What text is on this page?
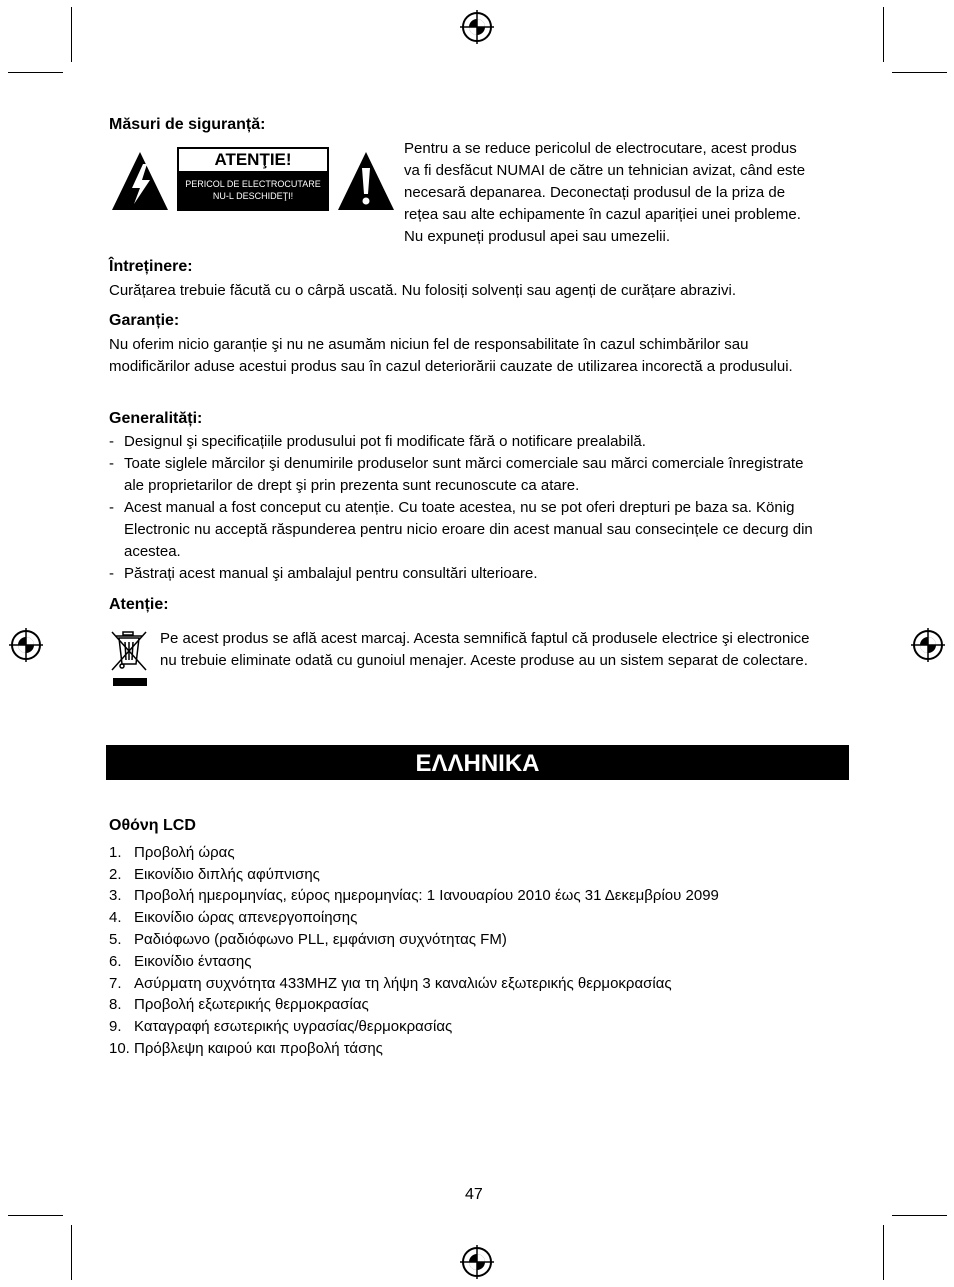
Măsuri de siguranță:
ATENŢIE!
PERICOL DE ELECTROCUTARE
NU-L DESCHIDEŢI!
Pentru a se reduce pericolul de electrocutare, acest produs
va fi desfăcut NUMAI de către un tehnician avizat, când este
necesară depanarea. Deconectați produsul de la priza de
rețea sau alte echipamente în cazul apariției unei probleme.
Nu expuneți produsul apei sau umezelii.
Întreținere:
Curățarea trebuie făcută cu o cârpă uscată. Nu folosiți solvenți sau agenți de curățare abrazivi.
Garanție:
Nu oferim nicio garanție şi nu ne asumăm niciun fel de responsabilitate în cazul schimbărilor sau modificărilor aduse acestui produs sau în cazul deteriorării cauzate de utilizarea incorectă a produsului.
Generalități:
- Designul şi specificațiile produsului pot fi modificate fără o notificare prealabilă.
- Toate siglele mărcilor şi denumirile produselor sunt mărci comerciale sau mărci comerciale înregistrate ale proprietarilor de drept şi prin prezenta sunt recunoscute ca atare.
- Acest manual a fost conceput cu atenție. Cu toate acestea, nu se pot oferi drepturi pe baza sa. König Electronic nu acceptă răspunderea pentru nicio eroare din acest manual sau consecințele ce decurg din acestea.
- Păstrați acest manual şi ambalajul pentru consultări ulterioare.
Atenție:
Pe acest produs se află acest marcaj. Acesta semnifică faptul că produsele electrice şi electronice nu trebuie eliminate odată cu gunoiul menajer. Aceste produse au un sistem separat de colectare.
ΕΛΛΗΝΙΚΑ
Οθόνη LCD
1. Προβολή ώρας
2. Εικονίδιο διπλής αφύπνισης
3. Προβολή ημερομηνίας, εύρος ημερομηνίας: 1 Ιανουαρίου 2010 έως 31 Δεκεμβρίου 2099
4. Εικονίδιο ώρας απενεργοποίησης
5. Ραδιόφωνο (ραδιόφωνο PLL, εμφάνιση συχνότητας FM)
6. Εικονίδιο έντασης
7. Ασύρματη συχνότητα 433MHZ για τη λήψη 3 καναλιών εξωτερικής θερμοκρασίας
8. Προβολή εξωτερικής θερμοκρασίας
9. Καταγραφή εσωτερικής υγρασίας/θερμοκρασίας
10. Πρόβλεψη καιρού και προβολή τάσης
47
